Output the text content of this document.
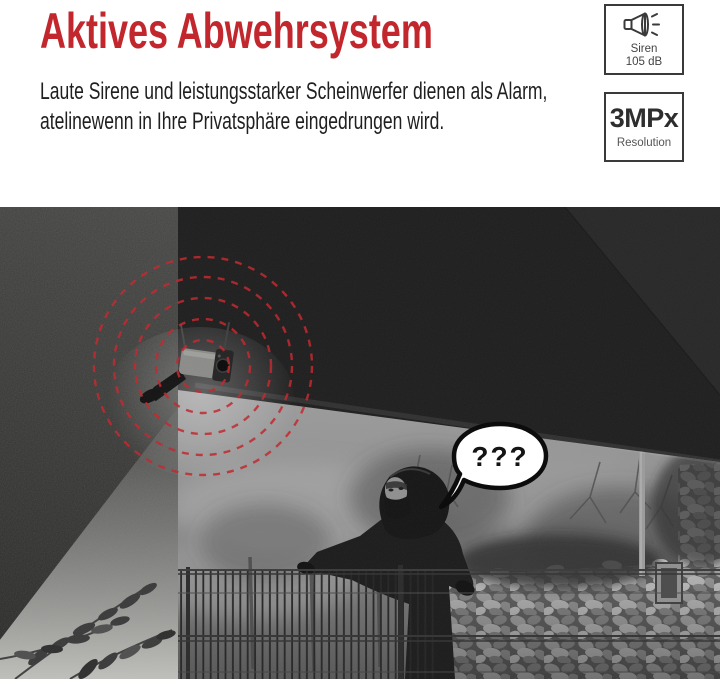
Aktives Abwehrsystem

Laute Sirene und leistungsstarker Scheinwerfer dienen als Alarm,
atelinewenn in Ihre Privatsphäre eingedrungen wird.

Siren
105 dB
3MPx
Resolution
???
